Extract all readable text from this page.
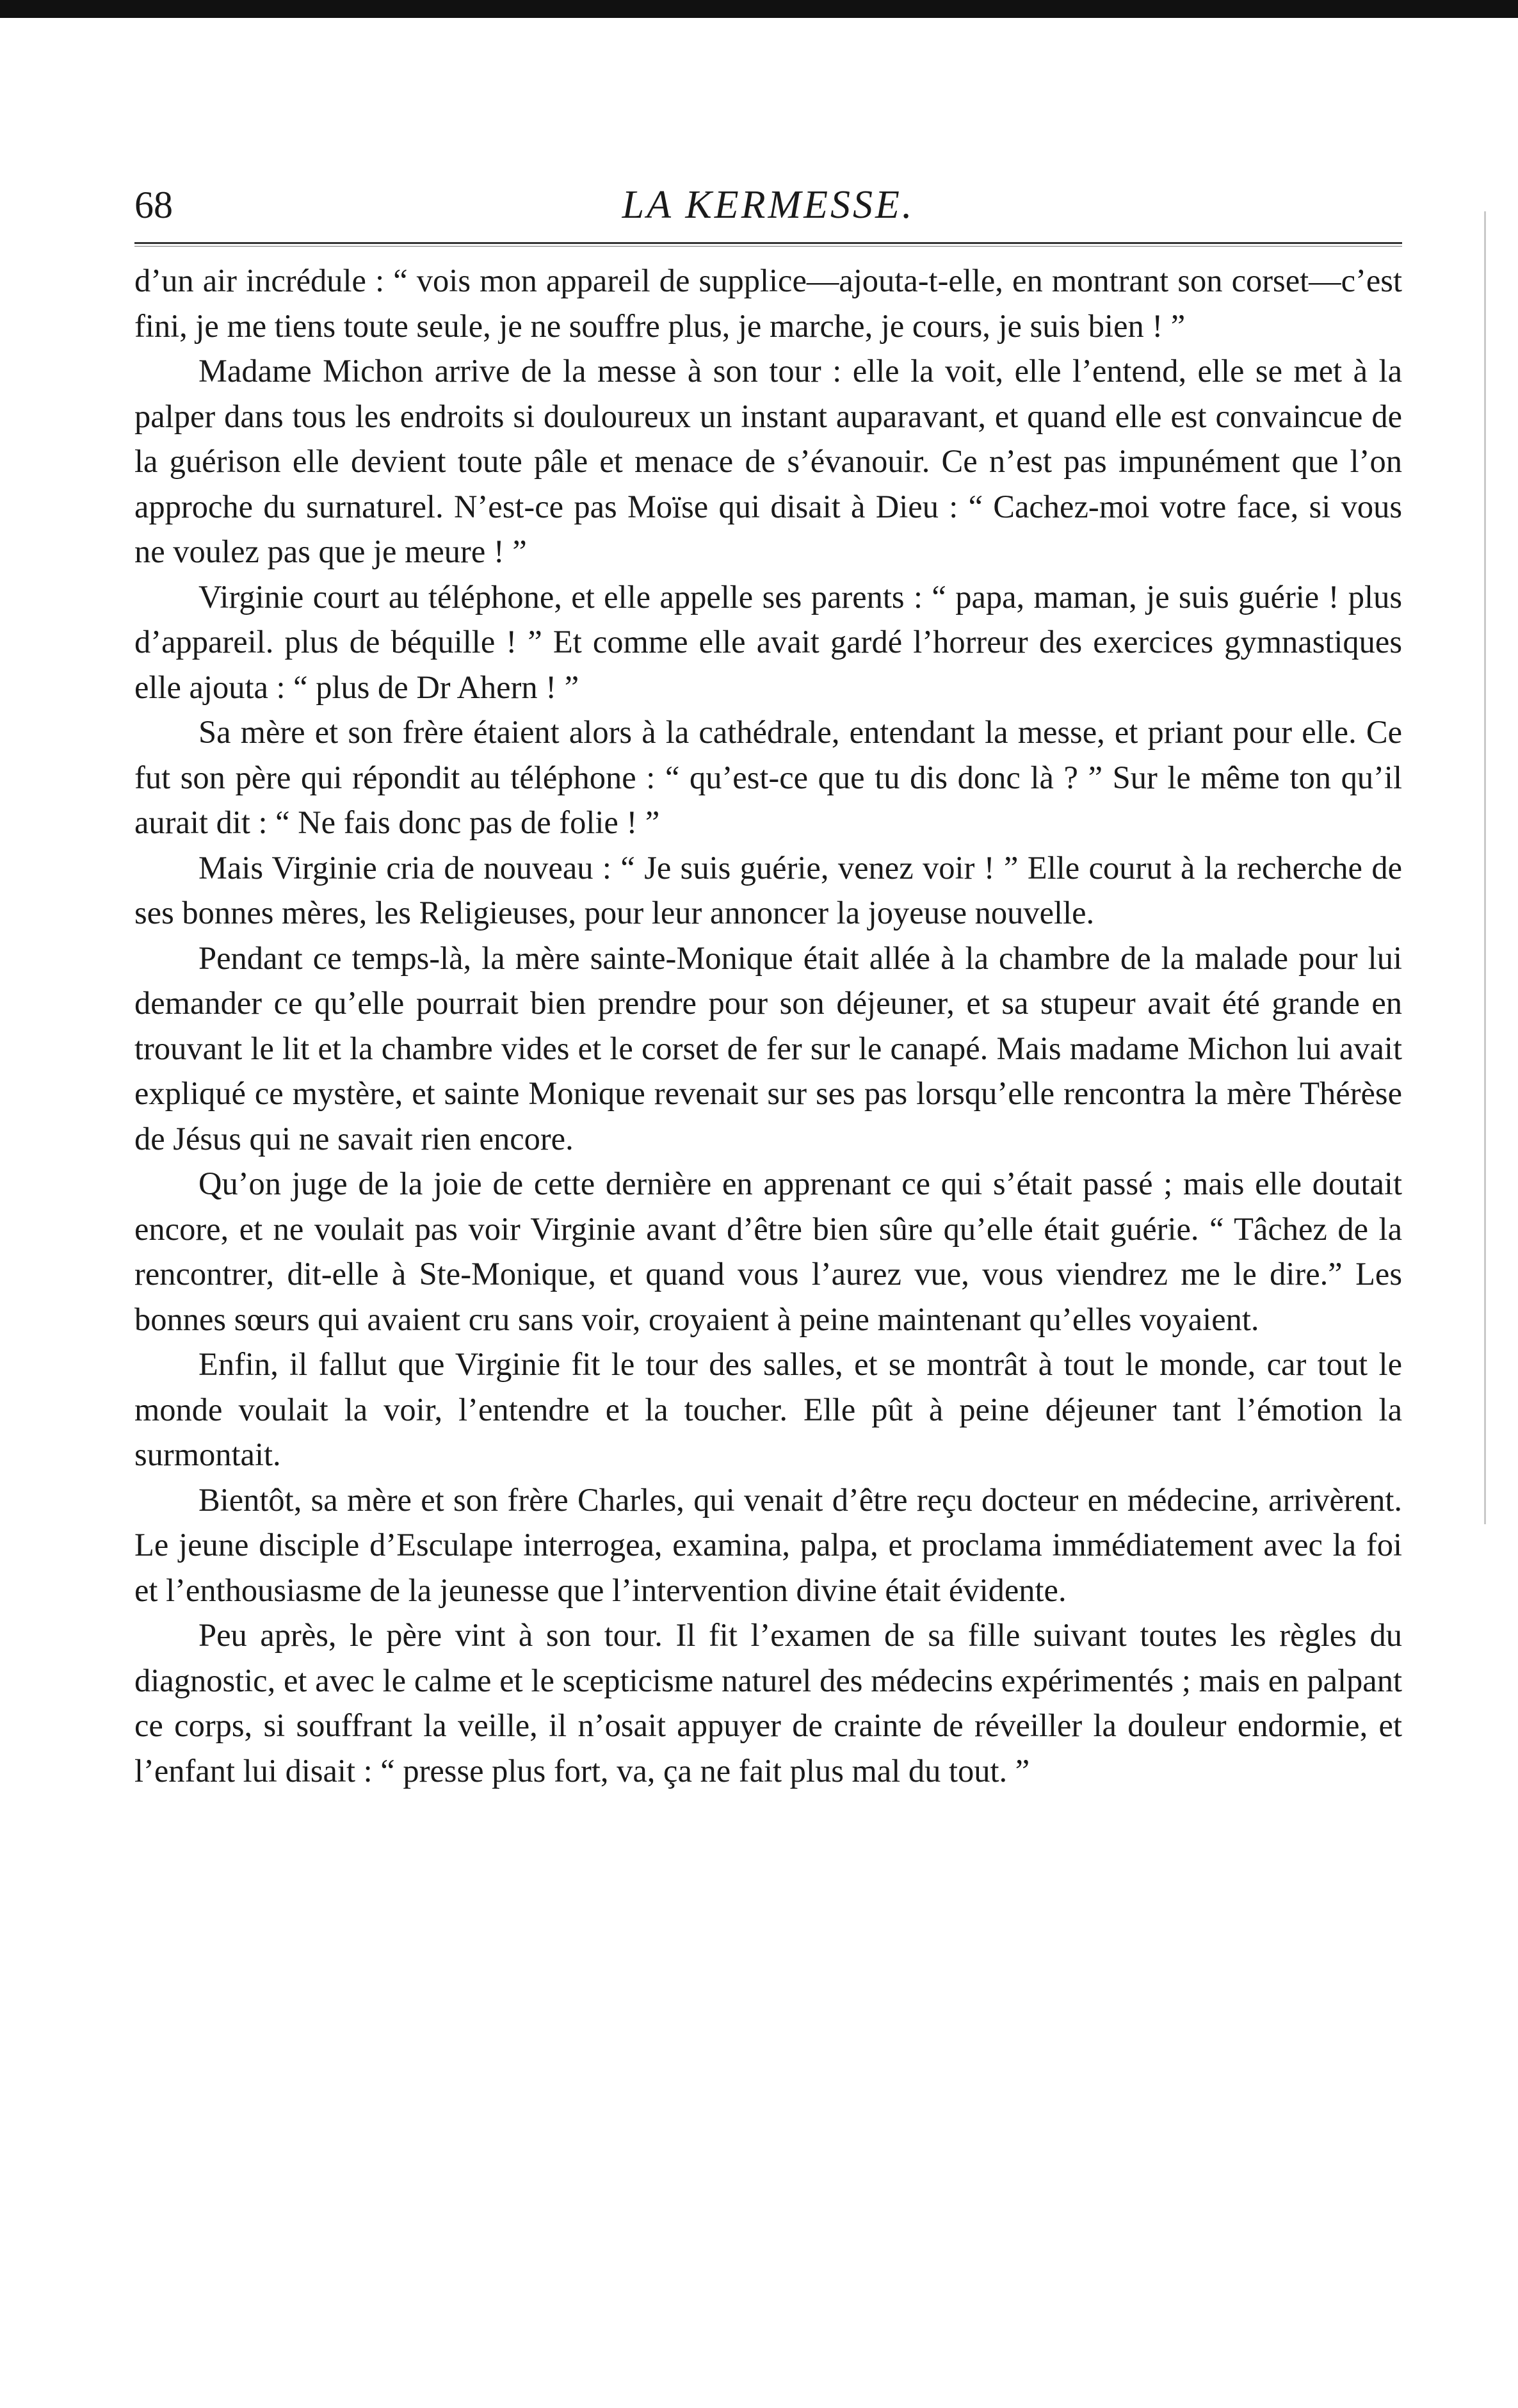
68	LA KERMESSE.

d’un air incrédule : “ vois mon appareil de supplice—ajouta-t-elle, en montrant son corset—c’est fini, je me tiens toute seule, je ne souffre plus, je marche, je cours, je suis bien ! ”

Madame Michon arrive de la messe à son tour : elle la voit, elle l’entend, elle se met à la palper dans tous les endroits si douloureux un instant auparavant, et quand elle est convaincue de la guérison elle devient toute pâle et menace de s’évanouir. Ce n’est pas impunément que l’on approche du surnaturel. N’est-ce pas Moïse qui disait à Dieu : “ Cachez-moi votre face, si vous ne voulez pas que je meure ! ”

Virginie court au téléphone, et elle appelle ses parents : “ papa, maman, je suis guérie ! plus d’appareil. plus de béquille ! ” Et comme elle avait gardé l’horreur des exercices gymnastiques elle ajouta : “ plus de Dr Ahern ! ”

Sa mère et son frère étaient alors à la cathédrale, entendant la messe, et priant pour elle. Ce fut son père qui répondit au téléphone : “ qu’est-ce que tu dis donc là ? ” Sur le même ton qu’il aurait dit : “ Ne fais donc pas de folie ! ”

Mais Virginie cria de nouveau : “ Je suis guérie, venez voir ! ” Elle courut à la recherche de ses bonnes mères, les Religieuses, pour leur annoncer la joyeuse nouvelle.

Pendant ce temps-là, la mère sainte-Monique était allée à la chambre de la malade pour lui demander ce qu’elle pourrait bien prendre pour son déjeuner, et sa stupeur avait été grande en trouvant le lit et la chambre vides et le corset de fer sur le canapé. Mais madame Michon lui avait expliqué ce mystère, et sainte Monique revenait sur ses pas lorsqu’elle rencontra la mère Thérèse de Jésus qui ne savait rien encore.

Qu’on juge de la joie de cette dernière en apprenant ce qui s’était passé ; mais elle doutait encore, et ne voulait pas voir Virginie avant d’être bien sûre qu’elle était guérie. “ Tâchez de la rencontrer, dit-elle à Ste-Monique, et quand vous l’aurez vue, vous viendrez me le dire.” Les bonnes sœurs qui avaient cru sans voir, croyaient à peine maintenant qu’elles voyaient.

Enfin, il fallut que Virginie fit le tour des salles, et se montrât à tout le monde, car tout le monde voulait la voir, l’entendre et la toucher. Elle pût à peine déjeuner tant l’émotion la surmontait.

Bientôt, sa mère et son frère Charles, qui venait d’être reçu docteur en médecine, arrivèrent. Le jeune disciple d’Esculape interrogea, examina, palpa, et proclama immédiatement avec la foi et l’enthousiasme de la jeunesse que l’intervention divine était évidente.

Peu après, le père vint à son tour. Il fit l’examen de sa fille suivant toutes les règles du diagnostic, et avec le calme et le scepticisme naturel des médecins expérimentés ; mais en palpant ce corps, si souffrant la veille, il n’osait appuyer de crainte de réveiller la douleur endormie, et l’enfant lui disait : “ presse plus fort, va, ça ne fait plus mal du tout. ”
